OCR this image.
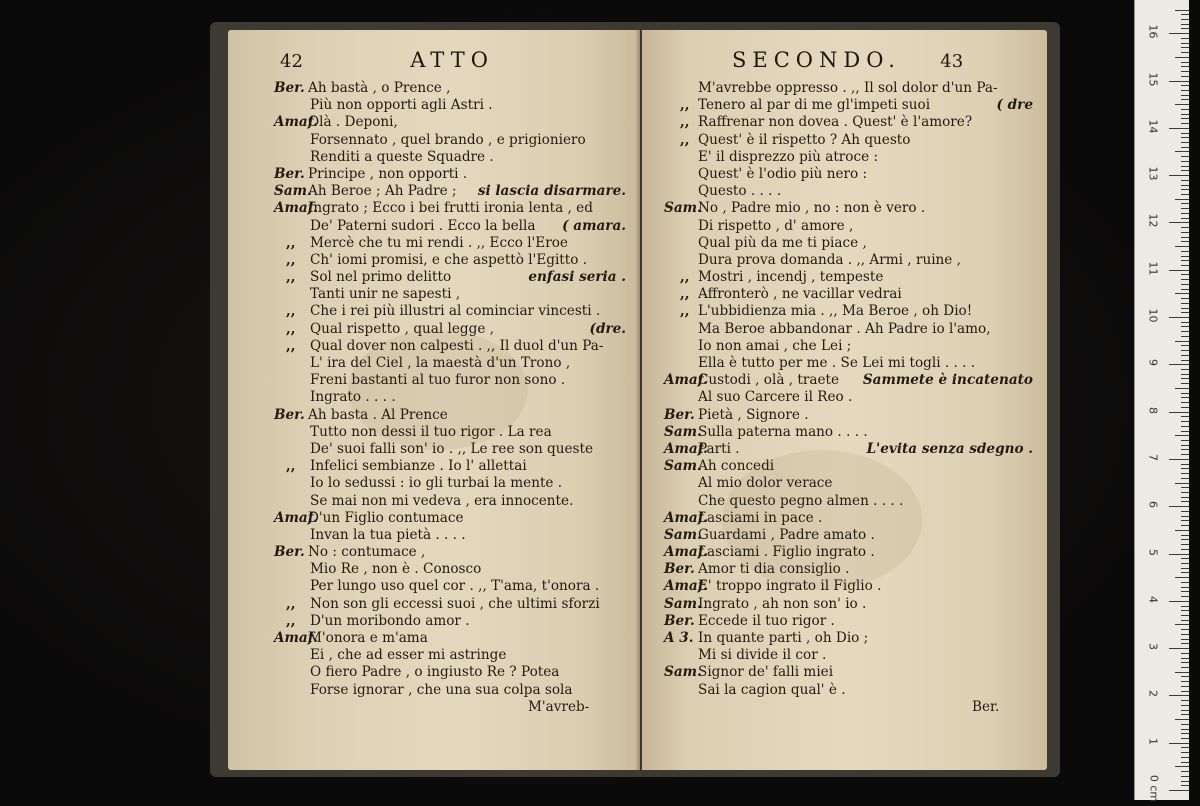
42	ATTO
Ber. Ah bastà , o Prence ,
Più non opporti agli Astri .
Amaf.
Olà . Deponi,
Forsennato , quel brando , e prigioniero
Renditi a queste Squadre .
Ber. Principe , non opporti .
Sam.
Ah Beroe ; Ah Padre ; si lascia disarmare.
Amaf.
Ingrato ; Ecco i bei frutti ironia lenta , ed
De' Paterni sudori . Ecco la bella ( amara.
,, Mercè che tu mi rendi . ,, Ecco l'Eroe
,, Ch' iomi promisi, e che aspettò l'Egitto .
,, Sol nel primo delitto	enfasi seria .
Tanti unir ne sapesti ,
,, Che i rei più illustri al cominciar vincesti .
,, Qual rispetto , qual legge ,	(dre.
,, Qual dover non calpesti . ,, Il duol d'un Pa-
L' ira del Ciel , la maestà d'un Trono ,
Freni bastanti al tuo furor non sono .
Ingrato . . . .
Ber. Ah basta . Al Prence
Tutto non dessi il tuo rigor . La rea
De' suoi falli son' io . ,, Le ree son queste
,, Infelici sembianze . Io l' allettai
Io lo sedussi : io gli turbai la mente .
Se mai non mi vedeva , era innocente.
Amaf.
D'un Figlio contumace
Invan la tua pietà . . . .
Ber. No : contumace ,
Mio Re , non è . Conosco
Per lungo uso quel cor . ,, T'ama, t'onora .
,, Non son gli eccessi suoi , che ultimi sforzi
,, D'un moribondo amor .
Amaf.
M'onora e m'ama
Ei , che ad esser mi astringe
O fiero Padre , o ingiusto Re ? Potea
Forse ignorar , che una sua colpa sola
M'avreb-
SECONDO. 43
M'avrebbe oppresso . ,, Il sol dolor d'un Pa-
,, Tenero al par di me gl'impeti suoi	( dre
,, Raffrenar non dovea . Quest' è l'amore?
,, Quest' è il rispetto ? Ah questo
E' il disprezzo più atroce :
Quest' è l'odio più nero :
Questo . . . .
Sam.
No , Padre mio , no : non è vero .
Di rispetto , d' amore ,
Qual più da me ti piace ,
Dura prova domanda . ,, Armi , ruine ,
,, Mostri , incendj , tempeste
,, Affronterò , ne vacillar vedrai
,, L'ubbidienza mia . ,, Ma Beroe , oh Dio!
Ma Beroe abbandonar . Ah Padre io l'amo,
Io non amai , che Lei ;
Ella è tutto per me . Se Lei mi togli . . . .
Amaf.
Custodi , olà , traete Sammete è incatenato
Al suo Carcere il Reo .
Ber. Pietà , Signore .
Sam.
Sulla paterna mano . . . .
Amaf.
Parti .	L'evita senza sdegno .
Sam.
Ah concedi
Al mio dolor verace
Che questo pegno almen . . . .
Amaf.
Lasciami in pace .
Sam.
Guardami , Padre amato .
Amaf.
Lasciami . Figlio ingrato .
Ber. Amor ti dia consiglio .
Amaf.
E' troppo ingrato il Figlio .
Sam.
Ingrato , ah non son' io .
Ber. Eccede il tuo rigor .
A 3. In quante parti , oh Dio ;
Mi si divide il cor .
Sam.
Signor de' falli miei
Sai la cagion qual' è .
Ber.
0 cm
1
2
3
4
5
6
7
8
9
10
11
12
13
14
15
16
